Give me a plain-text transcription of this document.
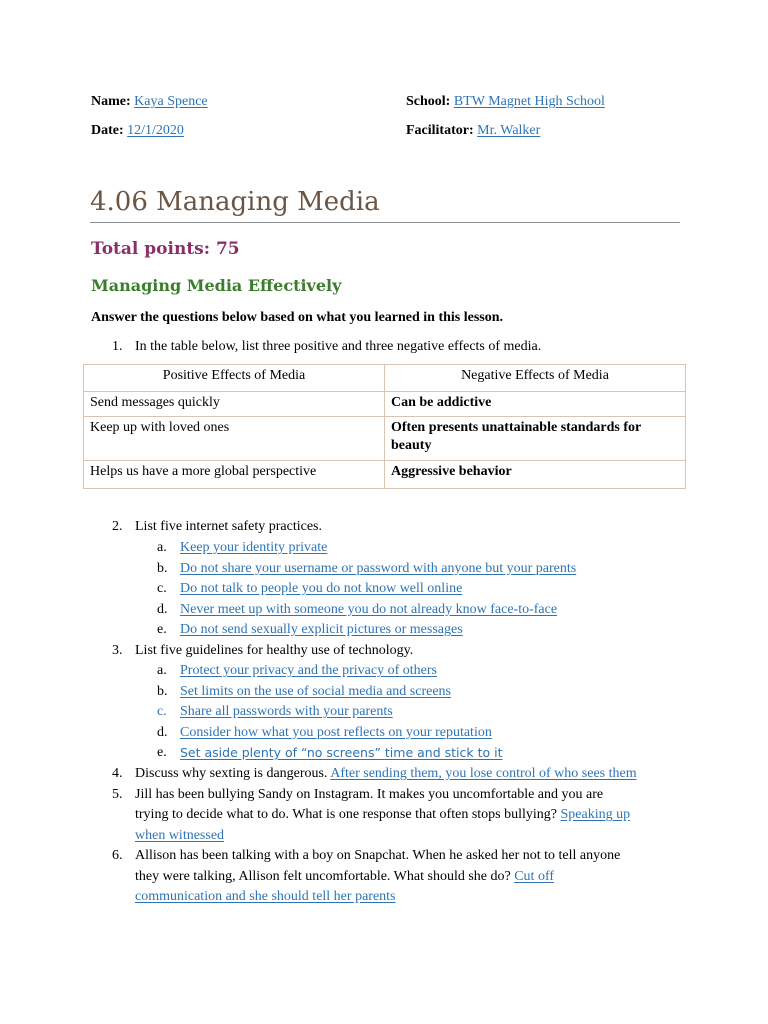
Name: Kaya Spence	School: BTW Magnet High School
Date: 12/1/2020	Facilitator: Mr. Walker
4.06 Managing Media
Total points: 75
Managing Media Effectively
Answer the questions below based on what you learned in this lesson.
1. In the table below, list three positive and three negative effects of media.
Positive Effects of Media	Negative Effects of Media
Send messages quickly	Can be addictive
Keep up with loved ones	Often presents unattainable standards for beauty
Helps us have a more global perspective	Aggressive behavior
2. List five internet safety practices.
a. Keep your identity private
b. Do not share your username or password with anyone but your parents
c. Do not talk to people you do not know well online
d. Never meet up with someone you do not already know face-to-face
e. Do not send sexually explicit pictures or messages
3. List five guidelines for healthy use of technology.
a. Protect your privacy and the privacy of others
b. Set limits on the use of social media and screens
c. Share all passwords with your parents
d. Consider how what you post reflects on your reputation
e. Set aside plenty of “no screens” time and stick to it
4. Discuss why sexting is dangerous. After sending them, you lose control of who sees them
5. Jill has been bullying Sandy on Instagram. It makes you uncomfortable and you are
trying to decide what to do. What is one response that often stops bullying? Speaking up
when witnessed
6. Allison has been talking with a boy on Snapchat. When he asked her not to tell anyone
they were talking, Allison felt uncomfortable. What should she do? Cut off
communication and she should tell her parents
